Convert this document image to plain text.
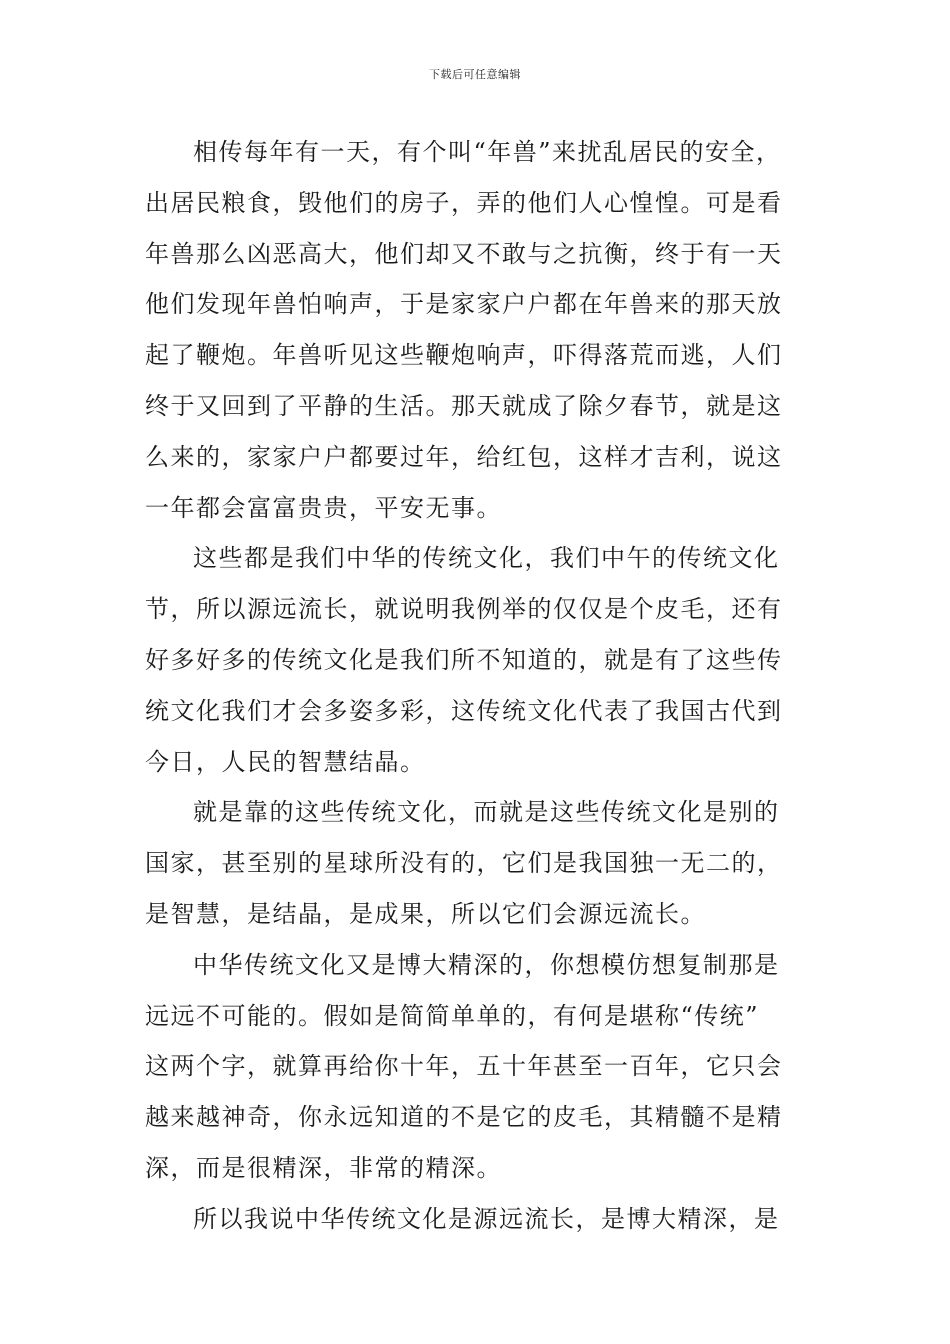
下载后可任意编辑

相传每年有一天，有个叫“年兽”来扰乱居民的安全，
出居民粮食，毁他们的房子，弄的他们人心惶惶。可是看
年兽那么凶恶高大，他们却又不敢与之抗衡，终于有一天
他们发现年兽怕响声，于是家家户户都在年兽来的那天放
起了鞭炮。年兽听见这些鞭炮响声，吓得落荒而逃，人们
终于又回到了平静的生活。那天就成了除夕春节，就是这
么来的，家家户户都要过年，给红包，这样才吉利，说这
一年都会富富贵贵，平安无事。

这些都是我们中华的传统文化，我们中午的传统文化
节，所以源远流长，就说明我例举的仅仅是个皮毛，还有
好多好多的传统文化是我们所不知道的，就是有了这些传
统文化我们才会多姿多彩，这传统文化代表了我国古代到
今日，人民的智慧结晶。

就是靠的这些传统文化，而就是这些传统文化是别的
国家，甚至别的星球所没有的，它们是我国独一无二的，
是智慧，是结晶，是成果，所以它们会源远流长。

中华传统文化又是博大精深的，你想模仿想复制那是
远远不可能的。假如是简简单单的，有何是堪称“传统”
这两个字，就算再给你十年，五十年甚至一百年，它只会
越来越神奇，你永远知道的不是它的皮毛，其精髓不是精
深，而是很精深，非常的精深。

所以我说中华传统文化是源远流长，是博大精深，是
